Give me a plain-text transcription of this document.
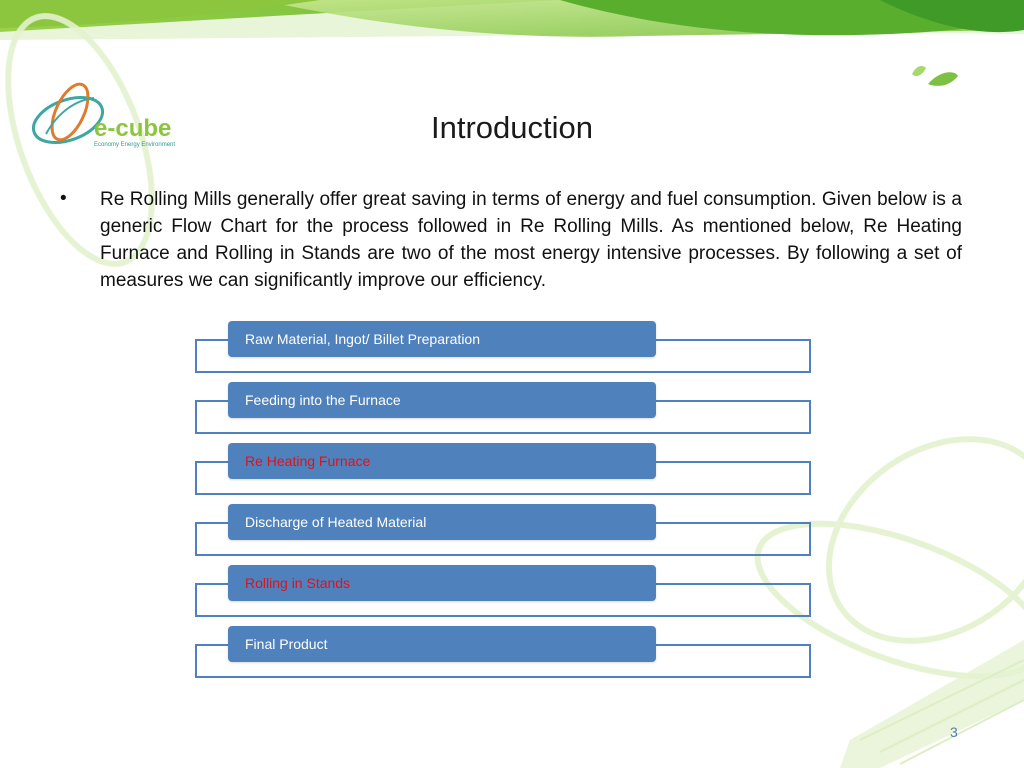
e-cube
Economy Energy Environment	Introduction
• Re Rolling Mills generally offer great saving in terms of energy and fuel consumption. Given below is a generic Flow Chart for the process followed in Re Rolling Mills. As mentioned below, Re Heating Furnace and Rolling in Stands are two of the most energy intensive processes. By following a set of measures we can significantly improve our efficiency.
Raw Material, Ingot/ Billet Preparation
Feeding into the Furnace
Re Heating Furnace
Discharge of Heated Material
Rolling in Stands
Final Product
3
